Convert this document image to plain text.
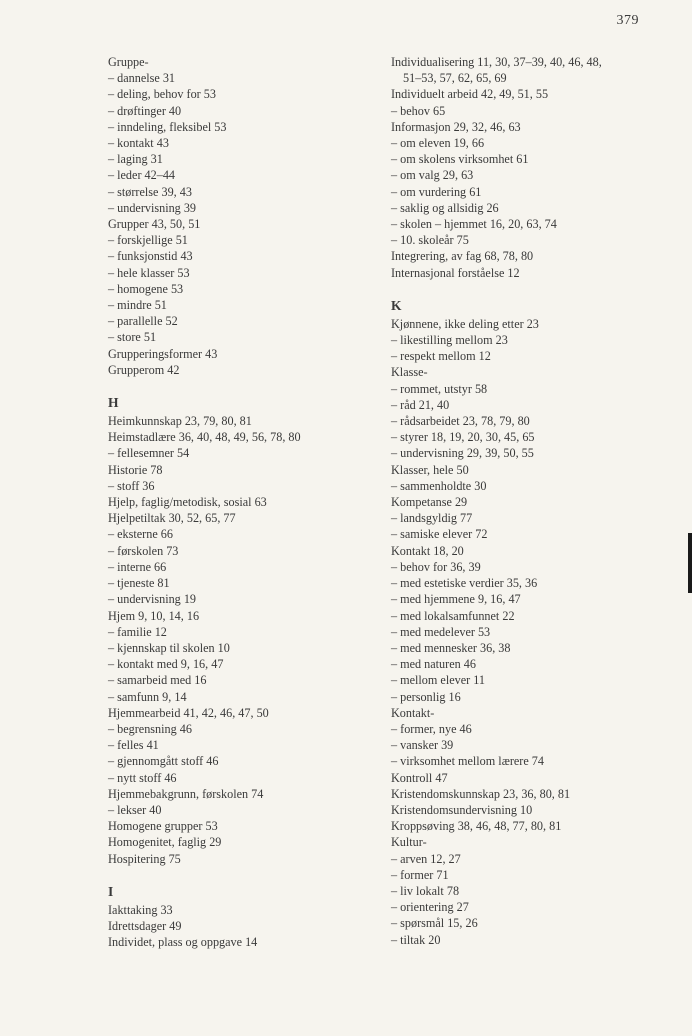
379
Gruppe-
– dannelse 31
– deling, behov for 53
– drøftinger 40
– inndeling, fleksibel 53
– kontakt 43
– laging 31
– leder 42–44
– størrelse 39, 43
– undervisning 39
Grupper 43, 50, 51
– forskjellige 51
– funksjonstid 43
– hele klasser 53
– homogene 53
– mindre 51
– parallelle 52
– store 51
Grupperingsformer 43
Grupperom 42
H
Heimkunnskap 23, 79, 80, 81
Heimstadlære 36, 40, 48, 49, 56, 78, 80
– fellesemner 54
Historie 78
– stoff 36
Hjelp, faglig/metodisk, sosial 63
Hjelpetiltak 30, 52, 65, 77
– eksterne 66
– førskolen 73
– interne 66
– tjeneste 81
– undervisning 19
Hjem 9, 10, 14, 16
– familie 12
– kjennskap til skolen 10
– kontakt med 9, 16, 47
– samarbeid med 16
– samfunn 9, 14
Hjemmearbeid 41, 42, 46, 47, 50
– begrensning 46
– felles 41
– gjennomgått stoff 46
– nytt stoff 46
Hjemmebakgrunn, førskolen 74
– lekser 40
Homogene grupper 53
Homogenitet, faglig 29
Hospitering 75
I
Iakttaking 33
Idrettsdager 49
Individet, plass og oppgave 14
Individualisering 11, 30, 37–39, 40, 46, 48,
51–53, 57, 62, 65, 69
Individuelt arbeid 42, 49, 51, 55
– behov 65
Informasjon 29, 32, 46, 63
– om eleven 19, 66
– om skolens virksomhet 61
– om valg 29, 63
– om vurdering 61
– saklig og allsidig 26
– skolen – hjemmet 16, 20, 63, 74
– 10. skoleår 75
Integrering, av fag 68, 78, 80
Internasjonal forståelse 12
K
Kjønnene, ikke deling etter 23
– likestilling mellom 23
– respekt mellom 12
Klasse-
– rommet, utstyr 58
– råd 21, 40
– rådsarbeidet 23, 78, 79, 80
– styrer 18, 19, 20, 30, 45, 65
– undervisning 29, 39, 50, 55
Klasser, hele 50
– sammenholdte 30
Kompetanse 29
– landsgyldig 77
– samiske elever 72
Kontakt 18, 20
– behov for 36, 39
– med estetiske verdier 35, 36
– med hjemmene 9, 16, 47
– med lokalsamfunnet 22
– med medelever 53
– med mennesker 36, 38
– med naturen 46
– mellom elever 11
– personlig 16
Kontakt-
– former, nye 46
– vansker 39
– virksomhet mellom lærere 74
Kontroll 47
Kristendomskunnskap 23, 36, 80, 81
Kristendomsundervisning 10
Kroppsøving 38, 46, 48, 77, 80, 81
Kultur-
– arven 12, 27
– former 71
– liv lokalt 78
– orientering 27
– spørsmål 15, 26
– tiltak 20
